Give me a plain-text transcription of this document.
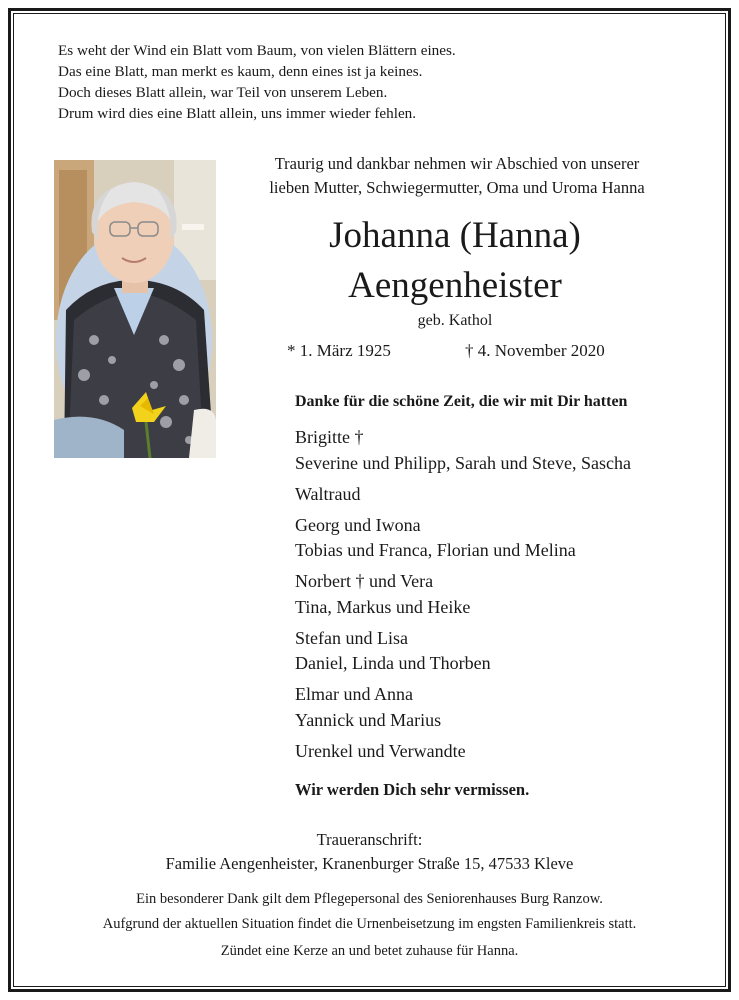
Es weht der Wind ein Blatt vom Baum, von vielen Blättern eines.
Das eine Blatt, man merkt es kaum, denn eines ist ja keines.
Doch dieses Blatt allein, war Teil von unserem Leben.
Drum wird dies eine Blatt allein, uns immer wieder fehlen.
Traurig und dankbar nehmen wir Abschied von unserer
lieben Mutter, Schwiegermutter, Oma und Uroma Hanna
Johanna (Hanna)
Aengenheister
geb. Kathol
* 1. März 1925	† 4. November 2020
Danke für die schöne Zeit, die wir mit Dir hatten
Brigitte †
Severine und Philipp, Sarah und Steve, Sascha
Waltraud
Georg und Iwona
Tobias und Franca, Florian und Melina
Norbert † und Vera
Tina, Markus und Heike
Stefan und Lisa
Daniel, Linda und Thorben
Elmar und Anna
Yannick und Marius
Urenkel und Verwandte
Wir werden Dich sehr vermissen.
Traueranschrift:
Familie Aengenheister, Kranenburger Straße 15, 47533 Kleve
Ein besonderer Dank gilt dem Pflegepersonal des Seniorenhauses Burg Ranzow.
Aufgrund der aktuellen Situation findet die Urnenbeisetzung im engsten Familienkreis statt.
Zündet eine Kerze an und betet zuhause für Hanna.
